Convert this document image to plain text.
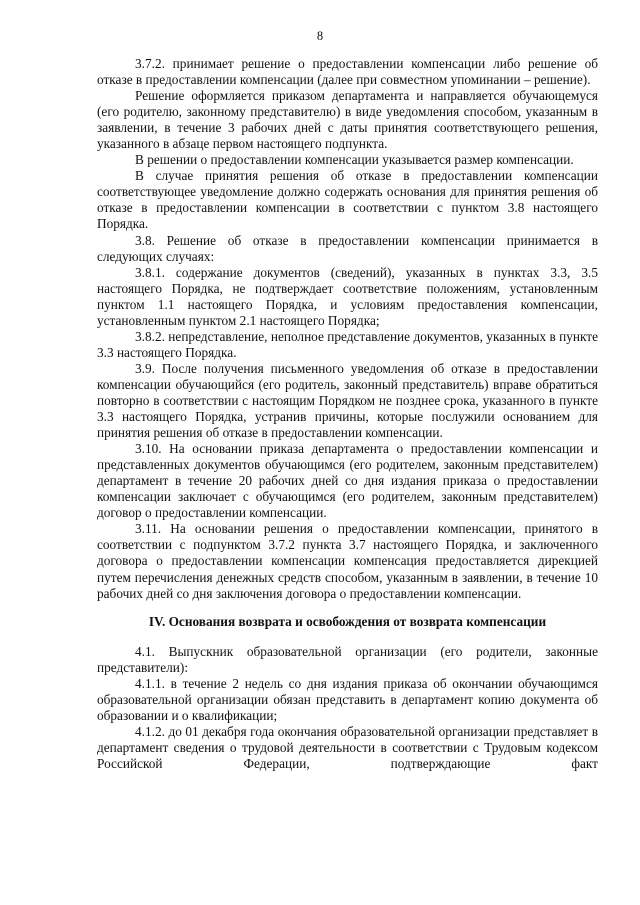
8

3.7.2. принимает решение о предоставлении компенсации либо решение об отказе в предоставлении компенсации (далее при совместном упоминании – решение).

Решение оформляется приказом департамента и направляется обучающемуся (его родителю, законному представителю) в виде уведомления способом, указанным в заявлении, в течение 3 рабочих дней с даты принятия соответствующего решения, указанного в абзаце первом настоящего подпункта.

В решении о предоставлении компенсации указывается размер компенсации.

В случае принятия решения об отказе в предоставлении компенсации соответствующее уведомление должно содержать основания для принятия решения об отказе в предоставлении компенсации в соответствии с пунктом 3.8 настоящего Порядка.

3.8. Решение об отказе в предоставлении компенсации принимается в следующих случаях:

3.8.1. содержание документов (сведений), указанных в пунктах 3.3, 3.5 настоящего Порядка, не подтверждает соответствие положениям, установленным пунктом 1.1 настоящего Порядка, и условиям предоставления компенсации, установленным пунктом 2.1 настоящего Порядка;

3.8.2. непредставление, неполное представление документов, указанных в пункте 3.3 настоящего Порядка.

3.9. После получения письменного уведомления об отказе в предоставлении компенсации обучающийся (его родитель, законный представитель) вправе обратиться повторно в соответствии с настоящим Порядком не позднее срока, указанного в пункте 3.3 настоящего Порядка, устранив причины, которые послужили основанием для принятия решения об отказе в предоставлении компенсации.

3.10. На основании приказа департамента о предоставлении компенсации и представленных документов обучающимся (его родителем, законным представителем) департамент в течение 20 рабочих дней со дня издания приказа о предоставлении компенсации заключает с обучающимся (его родителем, законным представителем) договор о предоставлении компенсации.

3.11. На основании решения о предоставлении компенсации, принятого в соответствии с подпунктом 3.7.2 пункта 3.7 настоящего Порядка, и заключенного договора о предоставлении компенсации компенсация предоставляется дирекцией путем перечисления денежных средств способом, указанным в заявлении, в течение 10 рабочих дней со дня заключения договора о предоставлении компенсации.

IV. Основания возврата и освобождения от возврата компенсации

4.1. Выпускник образовательной организации (его родители, законные представители):

4.1.1. в течение 2 недель со дня издания приказа об окончании обучающимся образовательной организации обязан представить в департамент копию документа об образовании и о квалификации;

4.1.2. до 01 декабря года окончания образовательной организации представляет в департамент сведения о трудовой деятельности в соответствии с Трудовым кодексом Российской Федерации, подтверждающие факт
